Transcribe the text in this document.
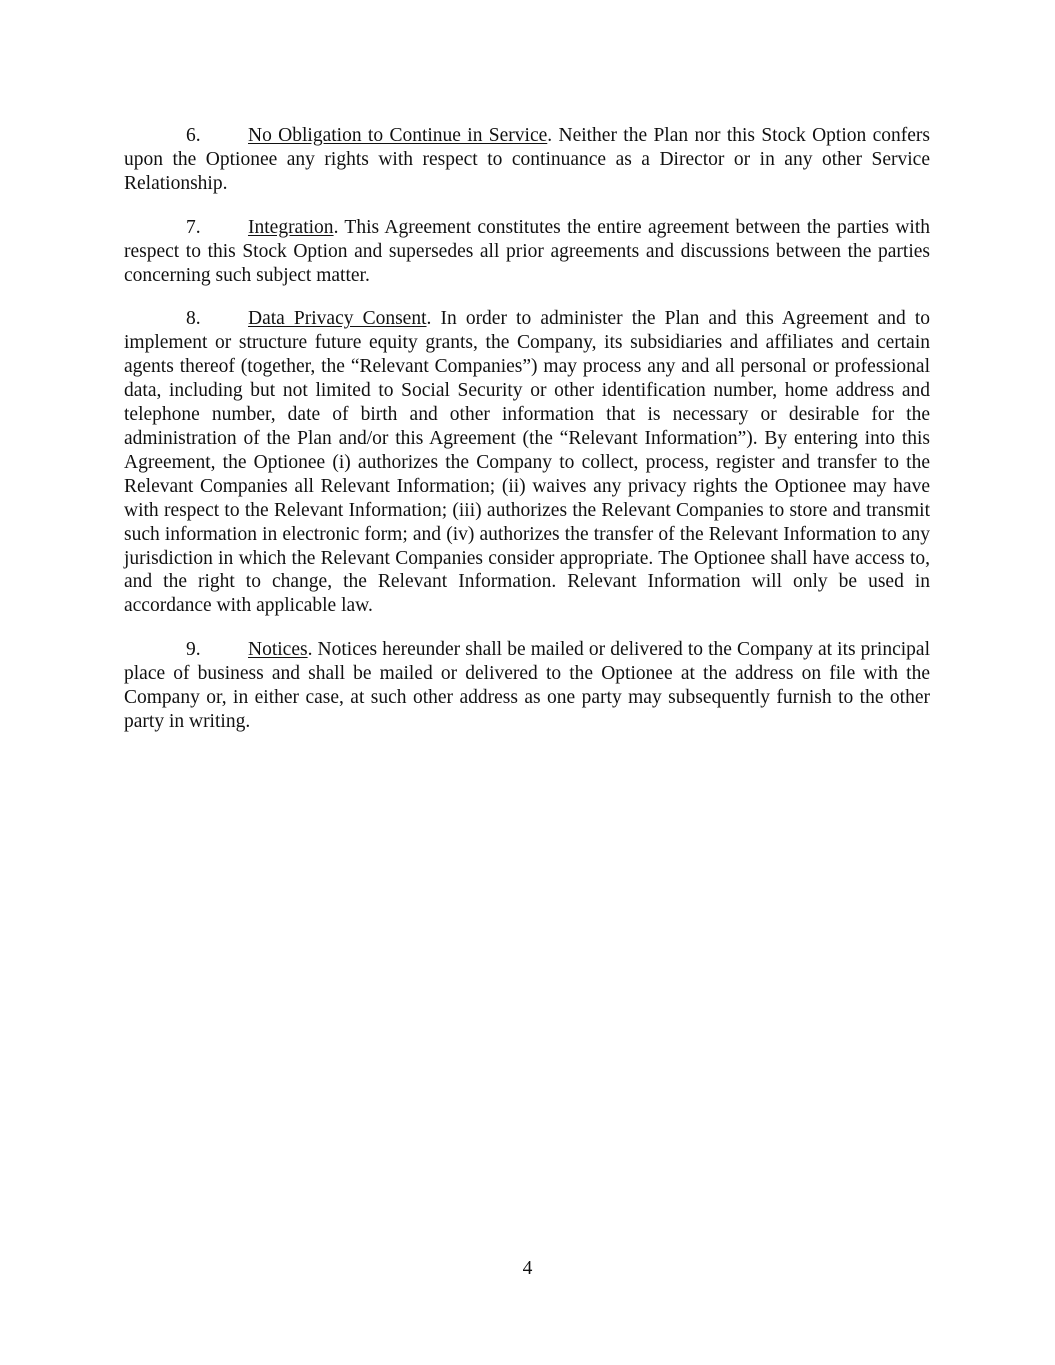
6. No Obligation to Continue in Service. Neither the Plan nor this Stock Option confers upon the Optionee any rights with respect to continuance as a Director or in any other Service Relationship.

7. Integration. This Agreement constitutes the entire agreement between the parties with respect to this Stock Option and supersedes all prior agreements and discussions between the parties concerning such subject matter.

8. Data Privacy Consent. In order to administer the Plan and this Agreement and to implement or structure future equity grants, the Company, its subsidiaries and affiliates and certain agents thereof (together, the “Relevant Companies”) may process any and all personal or professional data, including but not limited to Social Security or other identification number, home address and telephone number, date of birth and other information that is necessary or desirable for the administration of the Plan and/or this Agreement (the “Relevant Information”). By entering into this Agreement, the Optionee (i) authorizes the Company to collect, process, register and transfer to the Relevant Companies all Relevant Information; (ii) waives any privacy rights the Optionee may have with respect to the Relevant Information; (iii) authorizes the Relevant Companies to store and transmit such information in electronic form; and (iv) authorizes the transfer of the Relevant Information to any jurisdiction in which the Relevant Companies consider appropriate. The Optionee shall have access to, and the right to change, the Relevant Information. Relevant Information will only be used in accordance with applicable law.

9. Notices. Notices hereunder shall be mailed or delivered to the Company at its principal place of business and shall be mailed or delivered to the Optionee at the address on file with the Company or, in either case, at such other address as one party may subsequently furnish to the other party in writing.

4
